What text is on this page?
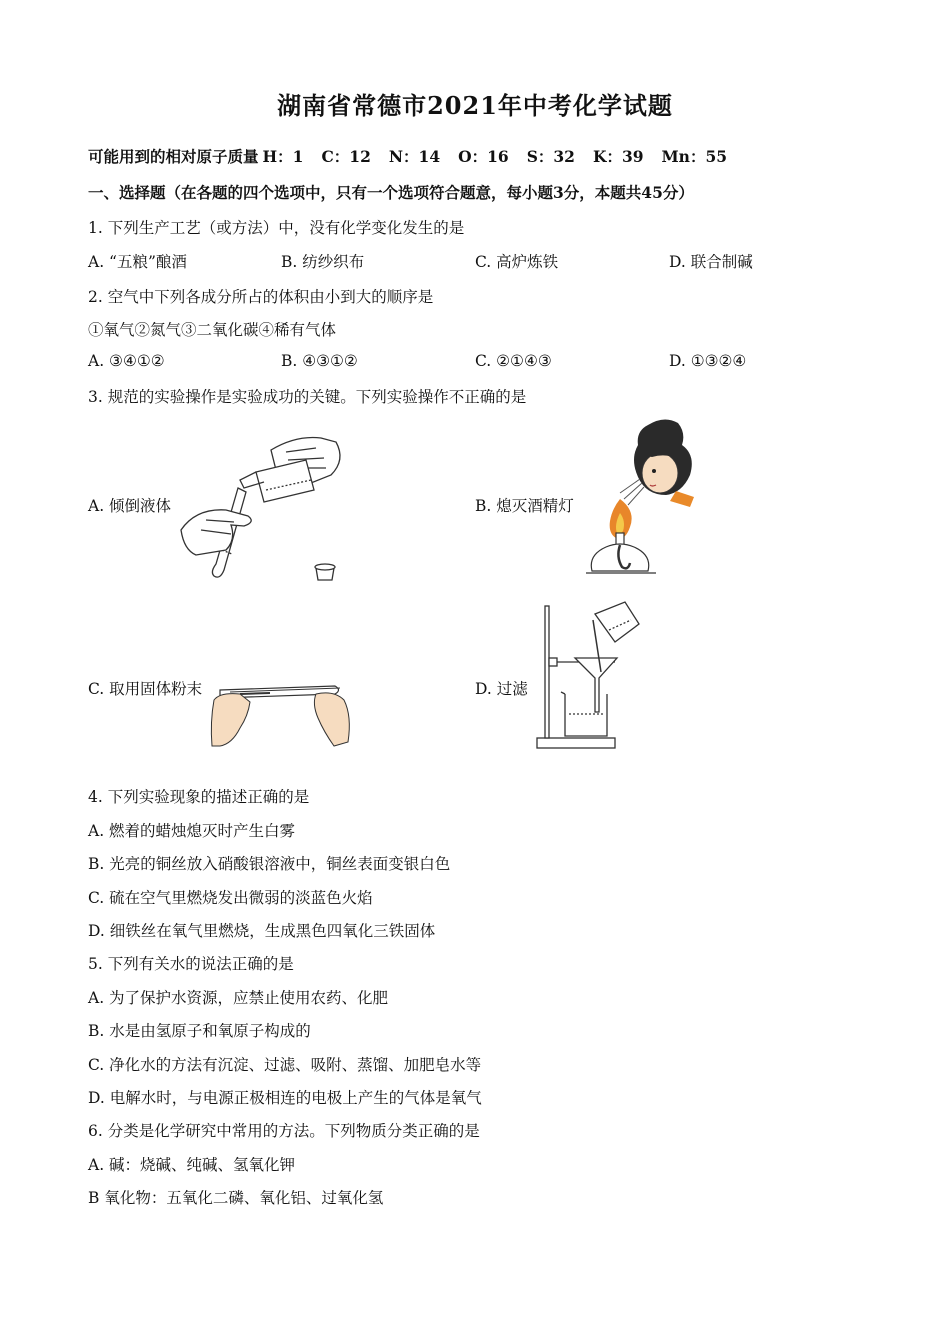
湖南省常德市2021年中考化学试题
可能用到的相对原子质量 H：1 C：12 N：14 O：16 S：32 K：39 Mn：55
一、选择题（在各题的四个选项中，只有一个选项符合题意，每小题3分，本题共45分）
1. 下列生产工艺（或方法）中，没有化学变化发生的是
A. “五粮”酿酒	B. 纺纱织布	C. 高炉炼铁	D. 联合制碱
2. 空气中下列各成分所占的体积由小到大的顺序是
①氧气②氮气③二氧化碳④稀有气体
A. ③④①②	B. ④③①②	C. ②①④③	D. ①③②④
3. 规范的实验操作是实验成功的关键。下列实验操作不正确的是
A. 倾倒液体	B. 熄灭酒精灯
C. 取用固体粉末	D. 过滤
4. 下列实验现象的描述正确的是
A. 燃着的蜡烛熄灭时产生白雾
B. 光亮的铜丝放入硝酸银溶液中，铜丝表面变银白色
C. 硫在空气里燃烧发出微弱的淡蓝色火焰
D. 细铁丝在氧气里燃烧，生成黑色四氧化三铁固体
5. 下列有关水的说法正确的是
A. 为了保护水资源，应禁止使用农药、化肥
B. 水是由氢原子和氧原子构成的
C. 净化水的方法有沉淀、过滤、吸附、蒸馏、加肥皂水等
D. 电解水时，与电源正极相连的电极上产生的气体是氧气
6. 分类是化学研究中常用的方法。下列物质分类正确的是
A. 碱：烧碱、纯碱、氢氧化钾
B 氧化物：五氧化二磷、氧化铝、过氧化氢
